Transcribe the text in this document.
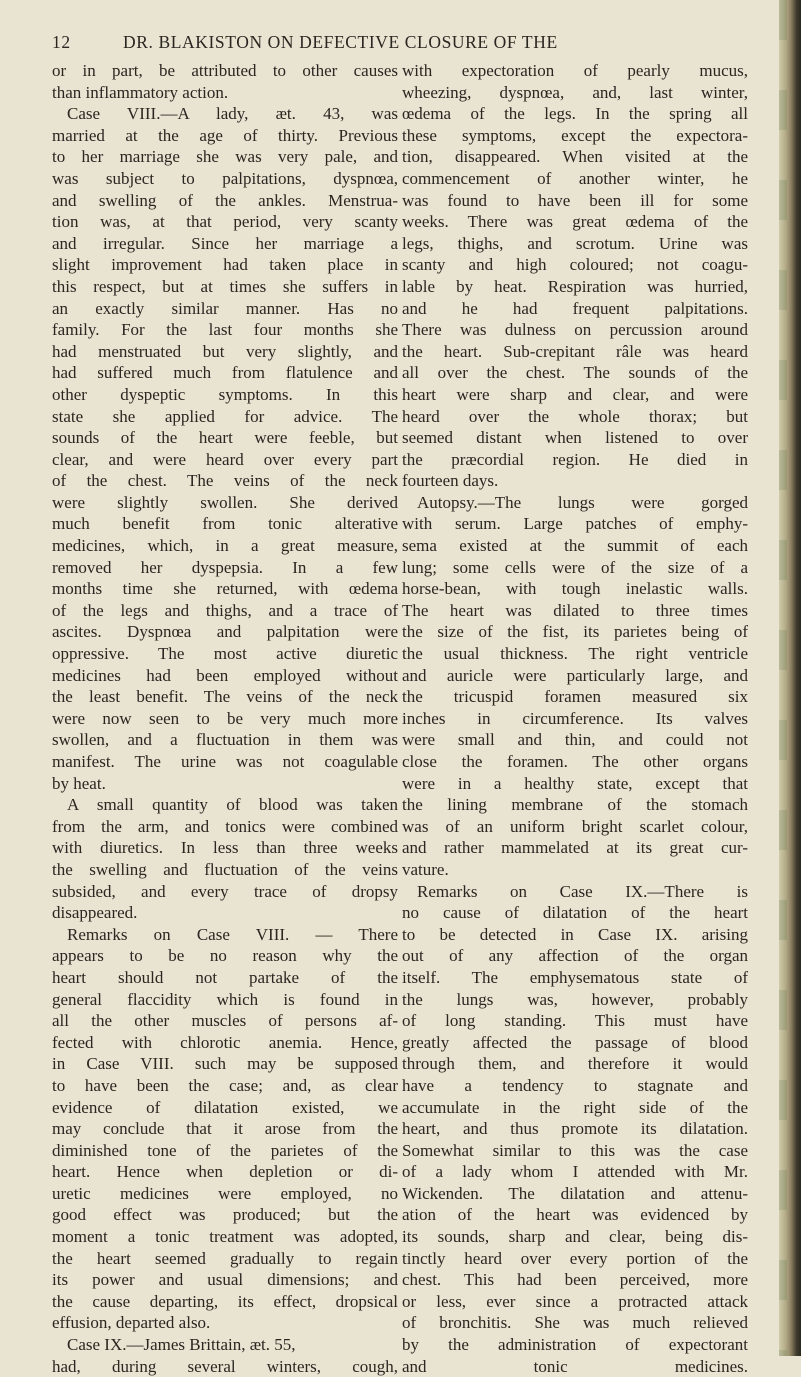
12	DR. BLAKISTON ON DEFECTIVE CLOSURE OF THE
or in part, be attributed to other causes
than inflammatory action.
Case VIII.—A lady, æt. 43, was
married at the age of thirty. Previous
to her marriage she was very pale, and
was subject to palpitations, dyspnœa,
and swelling of the ankles. Menstrua-
tion was, at that period, very scanty
and irregular. Since her marriage a
slight improvement had taken place in
this respect, but at times she suffers in
an exactly similar manner. Has no
family. For the last four months she
had menstruated but very slightly, and
had suffered much from flatulence and
other dyspeptic symptoms. In this
state she applied for advice. The
sounds of the heart were feeble, but
clear, and were heard over every part
of the chest. The veins of the neck
were slightly swollen. She derived
much benefit from tonic alterative
medicines, which, in a great measure,
removed her dyspepsia. In a few
months time she returned, with œdema
of the legs and thighs, and a trace of
ascites. Dyspnœa and palpitation were
oppressive. The most active diuretic
medicines had been employed without
the least benefit. The veins of the neck
were now seen to be very much more
swollen, and a fluctuation in them was
manifest. The urine was not coagulable
by heat.
A small quantity of blood was taken
from the arm, and tonics were combined
with diuretics. In less than three weeks
the swelling and fluctuation of the veins
subsided, and every trace of dropsy
disappeared.
Remarks on Case VIII. — There
appears to be no reason why the
heart should not partake of the
general flaccidity which is found in
all the other muscles of persons af-
fected with chlorotic anemia. Hence,
in Case VIII. such may be supposed
to have been the case; and, as clear
evidence of dilatation existed, we
may conclude that it arose from the
diminished tone of the parietes of the
heart. Hence when depletion or di-
uretic medicines were employed, no
good effect was produced; but the
moment a tonic treatment was adopted,
the heart seemed gradually to regain
its power and usual dimensions; and
the cause departing, its effect, dropsical
effusion, departed also.
Case IX.—James Brittain, æt. 55,
had, during several winters, cough,
with expectoration of pearly mucus,
wheezing, dyspnœa, and, last winter,
œdema of the legs. In the spring all
these symptoms, except the expectora-
tion, disappeared. When visited at the
commencement of another winter, he
was found to have been ill for some
weeks. There was great œdema of the
legs, thighs, and scrotum. Urine was
scanty and high coloured; not coagu-
lable by heat. Respiration was hurried,
and he had frequent palpitations.
There was dulness on percussion around
the heart. Sub-crepitant râle was heard
all over the chest. The sounds of the
heart were sharp and clear, and were
heard over the whole thorax; but
seemed distant when listened to over
the præcordial region. He died in
fourteen days.
Autopsy.—The lungs were gorged
with serum. Large patches of emphy-
sema existed at the summit of each
lung; some cells were of the size of a
horse-bean, with tough inelastic walls.
The heart was dilated to three times
the size of the fist, its parietes being of
the usual thickness. The right ventricle
and auricle were particularly large, and
the tricuspid foramen measured six
inches in circumference. Its valves
were small and thin, and could not
close the foramen. The other organs
were in a healthy state, except that
the lining membrane of the stomach
was of an uniform bright scarlet colour,
and rather mammelated at its great cur-
vature.
Remarks on Case IX.—There is
no cause of dilatation of the heart
to be detected in Case IX. arising
out of any affection of the organ
itself. The emphysematous state of
the lungs was, however, probably
of long standing. This must have
greatly affected the passage of blood
through them, and therefore it would
have a tendency to stagnate and
accumulate in the right side of the
heart, and thus promote its dilatation.
Somewhat similar to this was the case
of a lady whom I attended with Mr.
Wickenden. The dilatation and attenu-
ation of the heart was evidenced by
its sounds, sharp and clear, being dis-
tinctly heard over every portion of the
chest. This had been perceived, more
or less, ever since a protracted attack
of bronchitis. She was much relieved
by the administration of expectorant
and tonic medicines.
